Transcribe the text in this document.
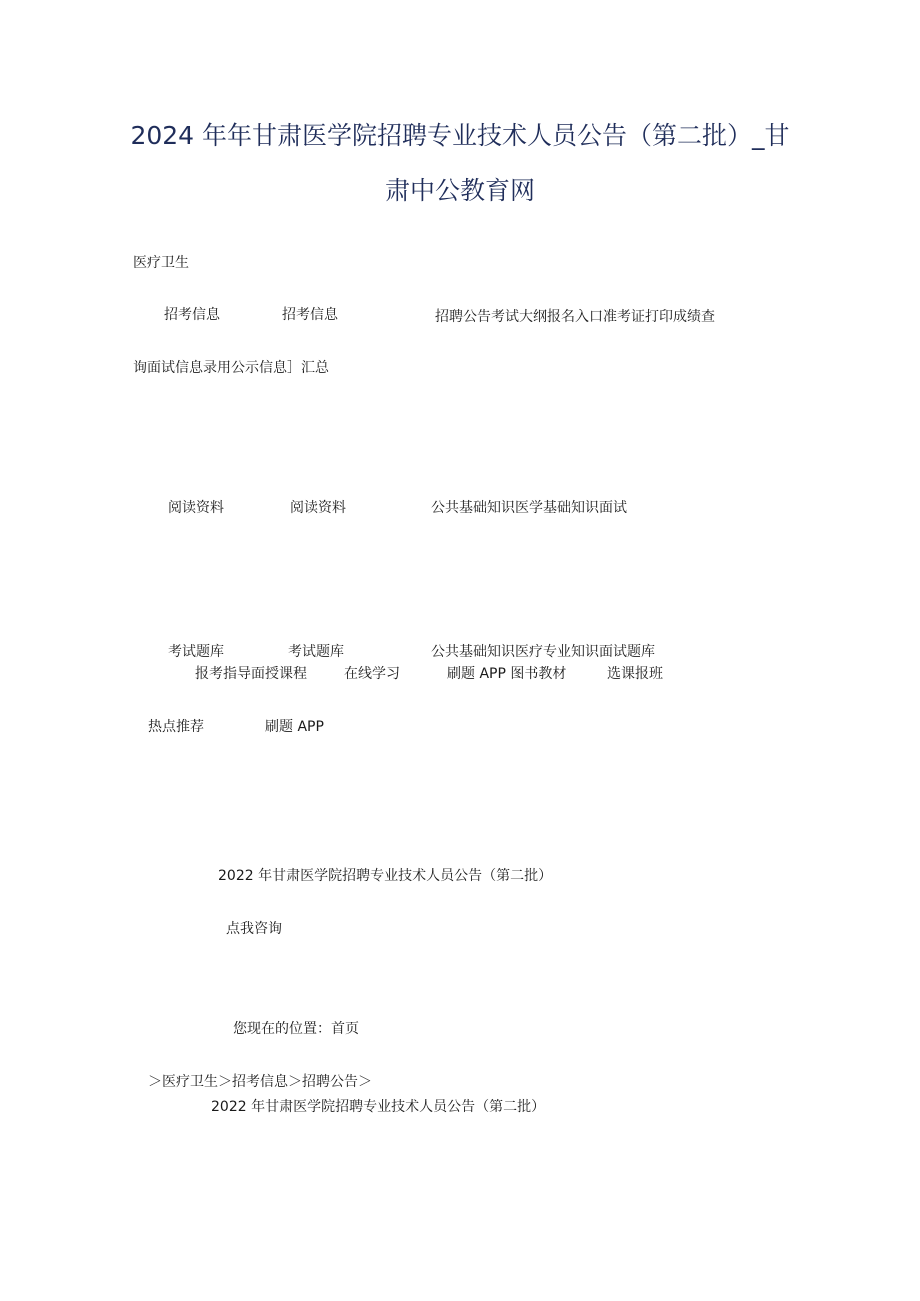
2024 年年甘肃医学院招聘专业技术人员公告（第二批）_甘肃中公教育网
医疗卫生
招考信息	招考信息	招聘公告考试大纲报名入口准考证打印成绩查
询面试信息录用公示信息］汇总
阅读资料	阅读资料	公共基础知识医学基础知识面试
考试题库	考试题库	公共基础知识医疗专业知识面试题库
报考指导面授课程	在线学习	刷题 APP 图书教材	选课报班
热点推荐	刷题 APP
2022 年甘肃医学院招聘专业技术人员公告（第二批）
点我咨询
您现在的位置：首页
＞医疗卫生＞招考信息＞招聘公告＞
2022 年甘肃医学院招聘专业技术人员公告（第二批）
